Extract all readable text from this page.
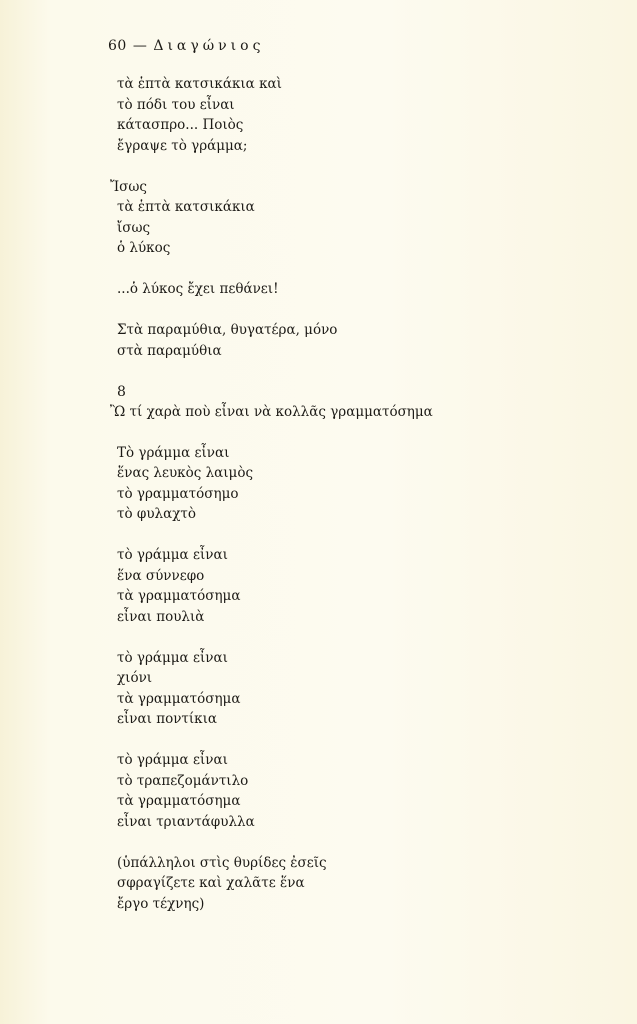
60 — Διαγώνιος
τὰ ἑπτὰ κατσικάκια καὶ
τὸ πόδι του εἶναι
κάτασπρο... Ποιὸς
ἔγραψε τὸ γράμμα;
Ἴσως
τὰ ἑπτὰ κατσικάκια
ἴσως
ὁ λύκος
...ὁ λύκος ἔχει πεθάνει!
Στὰ παραμύθια, θυγατέρα, μόνο
στὰ παραμύθια
8
Ὢ τί χαρὰ ποὺ εἶναι νὰ κολλᾶς γραμματόσημα
Τὸ γράμμα εἶναι
ἕνας λευκὸς λαιμὸς
τὸ γραμματόσημο
τὸ φυλαχτὸ
τὸ γράμμα εἶναι
ἕνα σύννεφο
τὰ γραμματόσημα
εἶναι πουλιὰ
τὸ γράμμα εἶναι
χιόνι
τὰ γραμματόσημα
εἶναι ποντίκια
τὸ γράμμα εἶναι
τὸ τραπεζομάντιλο
τὰ γραμματόσημα
εἶναι τριαντάφυλλα
(ὑπάλληλοι στὶς θυρίδες ἐσεῖς
σφραγίζετε καὶ χαλᾶτε ἕνα
ἔργο τέχνης)
